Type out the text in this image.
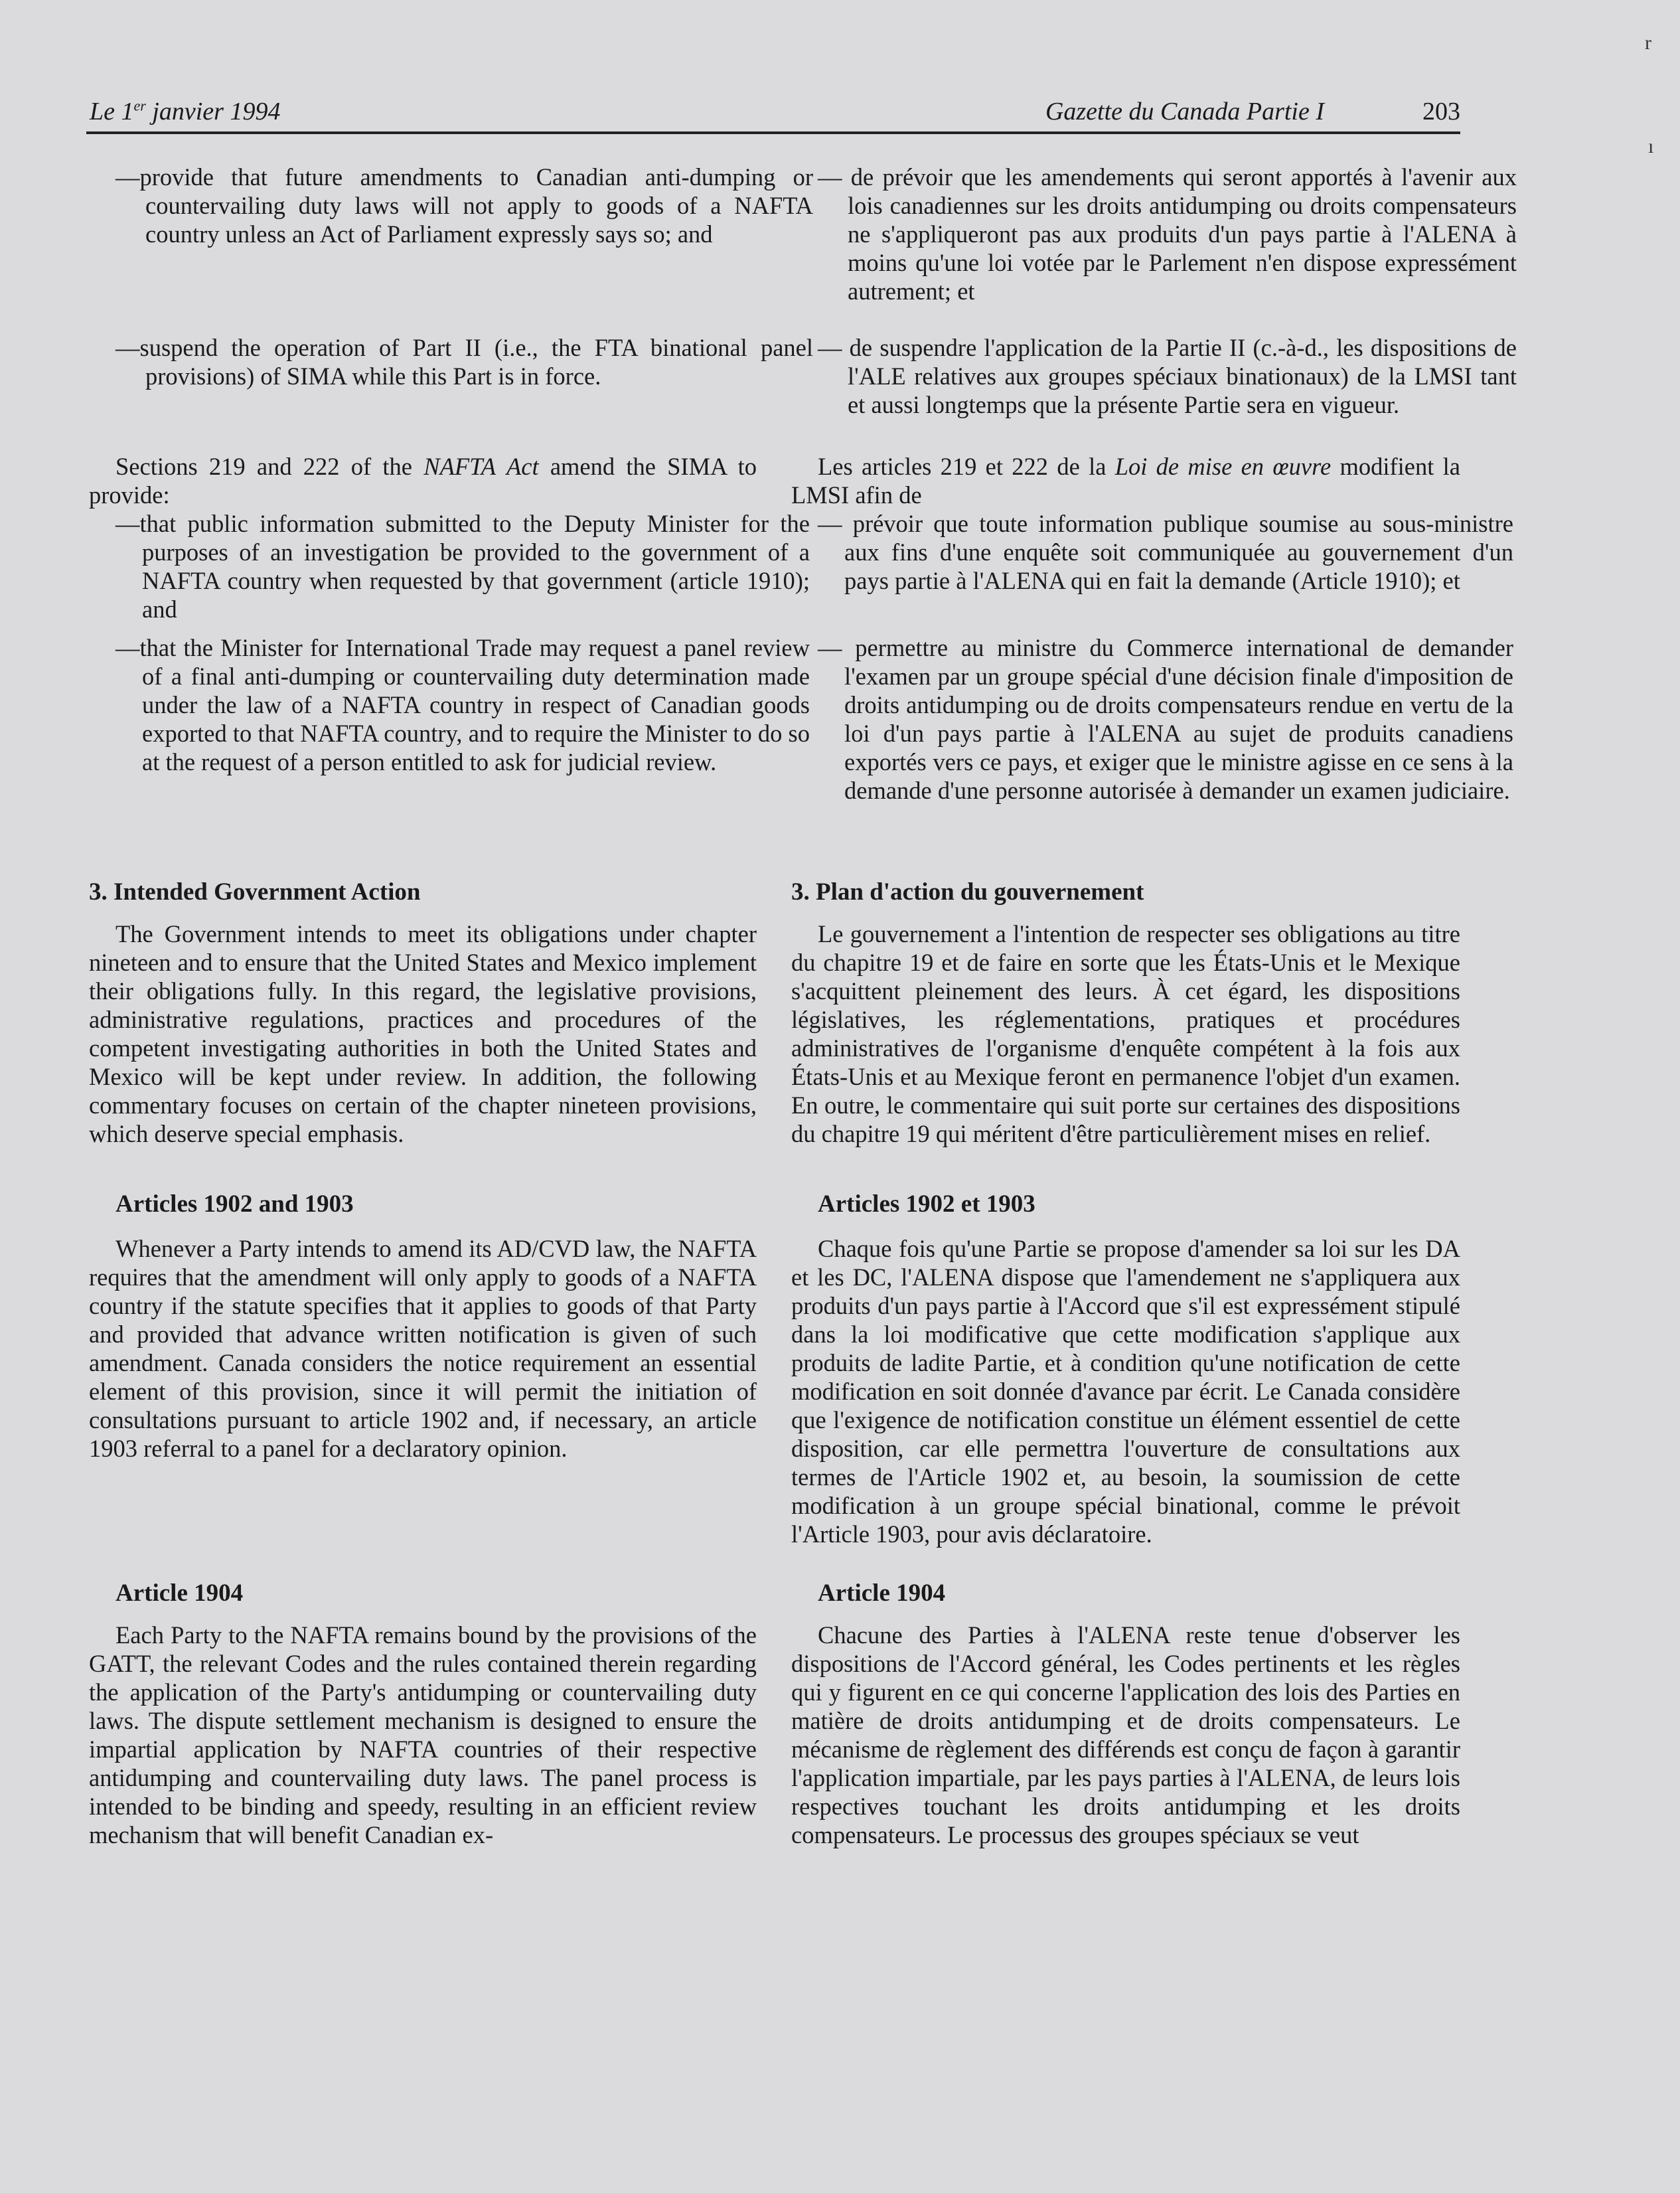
Le 1er janvier 1994	Gazette du Canada Partie I	203
r
ı

—provide that future amendments to Canadian anti-dumping or countervailing duty laws will not apply to goods of a NAFTA country unless an Act of Parliament expressly says so; and

—suspend the operation of Part II (i.e., the FTA binational panel provisions) of SIMA while this Part is in force.

Sections 219 and 222 of the NAFTA Act amend the SIMA to provide:

—that public information submitted to the Deputy Minister for the purposes of an investigation be provided to the government of a NAFTA country when requested by that government (article 1910); and

—that the Minister for International Trade may request a panel review of a final anti-dumping or countervailing duty determination made under the law of a NAFTA country in respect of Canadian goods exported to that NAFTA country, and to require the Minister to do so at the request of a person entitled to ask for judicial review.

3. Intended Government Action

The Government intends to meet its obligations under chapter nineteen and to ensure that the United States and Mexico implement their obligations fully. In this regard, the legislative provisions, administrative regulations, practices and procedures of the competent investigating authorities in both the United States and Mexico will be kept under review. In addition, the following commentary focuses on certain of the chapter nineteen provisions, which deserve special emphasis.

Articles 1902 and 1903

Whenever a Party intends to amend its AD/CVD law, the NAFTA requires that the amendment will only apply to goods of a NAFTA country if the statute specifies that it applies to goods of that Party and provided that advance written notification is given of such amendment. Canada considers the notice requirement an essential element of this provision, since it will permit the initiation of consultations pursuant to article 1902 and, if necessary, an article 1903 referral to a panel for a declaratory opinion.

Article 1904

Each Party to the NAFTA remains bound by the provisions of the GATT, the relevant Codes and the rules contained therein regarding the application of the Party's antidumping or countervailing duty laws. The dispute settlement mechanism is designed to ensure the impartial application by NAFTA countries of their respective antidumping and countervailing duty laws. The panel process is intended to be binding and speedy, resulting in an efficient review mechanism that will benefit Canadian ex-

— de prévoir que les amendements qui seront apportés à l'avenir aux lois canadiennes sur les droits antidumping ou droits compensateurs ne s'appliqueront pas aux produits d'un pays partie à l'ALENA à moins qu'une loi votée par le Parlement n'en dispose expressément autrement; et

— de suspendre l'application de la Partie II (c.-à-d., les dispositions de l'ALE relatives aux groupes spéciaux binationaux) de la LMSI tant et aussi longtemps que la présente Partie sera en vigueur.

Les articles 219 et 222 de la Loi de mise en œuvre modifient la LMSI afin de

— prévoir que toute information publique soumise au sous-ministre aux fins d'une enquête soit communiquée au gouvernement d'un pays partie à l'ALENA qui en fait la demande (Article 1910); et

— permettre au ministre du Commerce international de demander l'examen par un groupe spécial d'une décision finale d'imposition de droits antidumping ou de droits compensateurs rendue en vertu de la loi d'un pays partie à l'ALENA au sujet de produits canadiens exportés vers ce pays, et exiger que le ministre agisse en ce sens à la demande d'une personne autorisée à demander un examen judiciaire.

3. Plan d'action du gouvernement

Le gouvernement a l'intention de respecter ses obligations au titre du chapitre 19 et de faire en sorte que les États-Unis et le Mexique s'acquittent pleinement des leurs. À cet égard, les dispositions législatives, les réglementations, pratiques et procédures administratives de l'organisme d'enquête compétent à la fois aux États-Unis et au Mexique feront en permanence l'objet d'un examen. En outre, le commentaire qui suit porte sur certaines des dispositions du chapitre 19 qui méritent d'être particulièrement mises en relief.

Articles 1902 et 1903

Chaque fois qu'une Partie se propose d'amender sa loi sur les DA et les DC, l'ALENA dispose que l'amendement ne s'appliquera aux produits d'un pays partie à l'Accord que s'il est expressément stipulé dans la loi modificative que cette modification s'applique aux produits de ladite Partie, et à condition qu'une notification de cette modification en soit donnée d'avance par écrit. Le Canada considère que l'exigence de notification constitue un élément essentiel de cette disposition, car elle permettra l'ouverture de consultations aux termes de l'Article 1902 et, au besoin, la soumission de cette modification à un groupe spécial binational, comme le prévoit l'Article 1903, pour avis déclaratoire.

Article 1904

Chacune des Parties à l'ALENA reste tenue d'observer les dispositions de l'Accord général, les Codes pertinents et les règles qui y figurent en ce qui concerne l'application des lois des Parties en matière de droits antidumping et de droits compensateurs. Le mécanisme de règlement des différends est conçu de façon à garantir l'application impartiale, par les pays parties à l'ALENA, de leurs lois respectives touchant les droits antidumping et les droits compensateurs. Le processus des groupes spéciaux se veut
